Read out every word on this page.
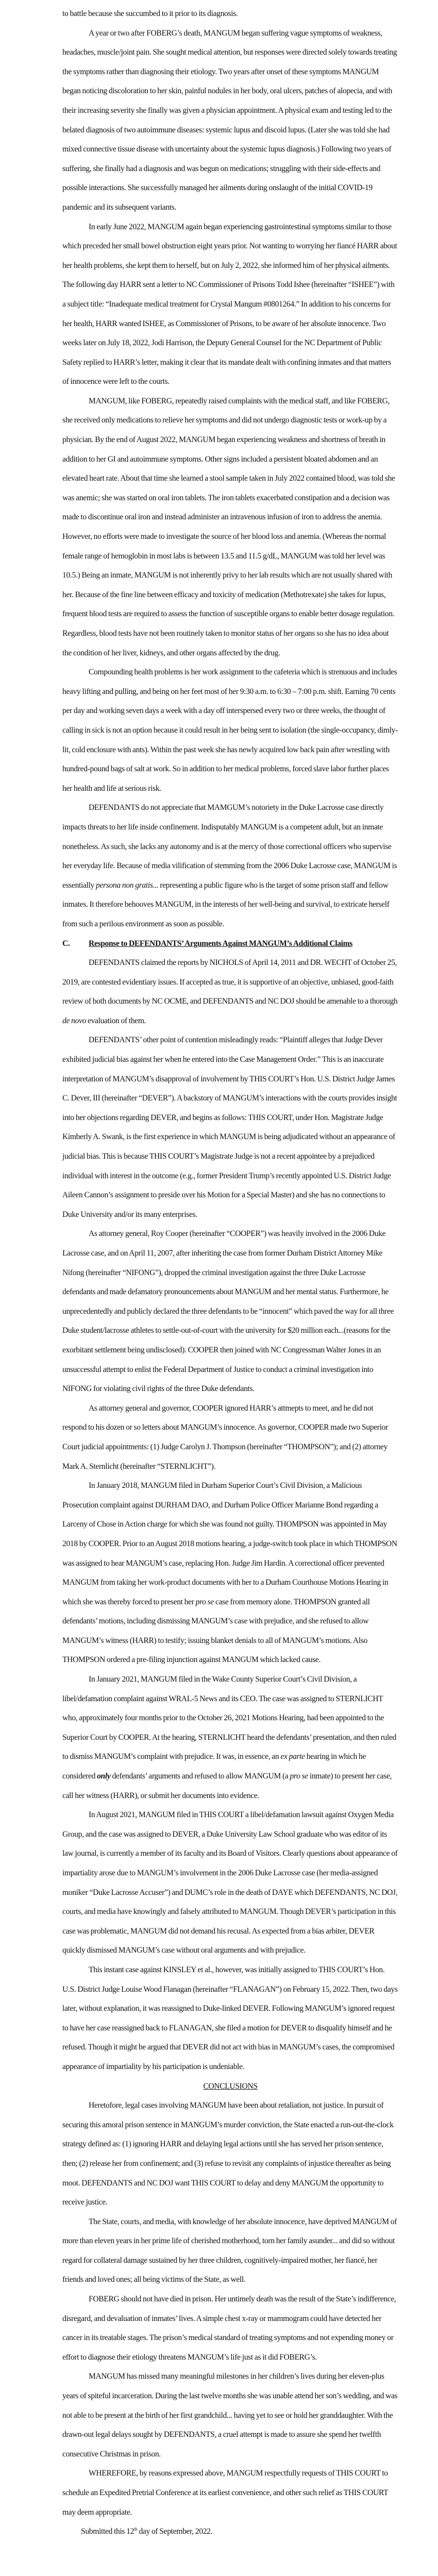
to battle because she succumbed to it prior to its diagnosis.

A year or two after FOBERG’s death, MANGUM began suffering vague symptoms of weakness, headaches, muscle/joint pain. She sought medical attention, but responses were directed solely towards treating the symptoms rather than diagnosing their etiology. Two years after onset of these symptoms MANGUM began noticing discoloration to her skin, painful nodules in her body, oral ulcers, patches of alopecia, and with their increasing severity she finally was given a physician appointment. A physical exam and testing led to the belated diagnosis of two autoimmune diseases: systemic lupus and discoid lupus. (Later she was told she had mixed connective tissue disease with uncertainty about the systemic lupus diagnosis.) Following two years of suffering, she finally had a diagnosis and was begun on medications; struggling with their side-effects and possible interactions. She successfully managed her ailments during onslaught of the initial COVID-19 pandemic and its subsequent variants.

In early June 2022, MANGUM again began experiencing gastrointestinal symptoms similar to those which preceded her small bowel obstruction eight years prior. Not wanting to worrying her fiancé HARR about her health problems, she kept them to herself, but on July 2, 2022, she informed him of her physical ailments. The following day HARR sent a letter to NC Commissioner of Prisons Todd Ishee (hereinafter “ISHEE”) with a subject title: “Inadequate medical treatment for Crystal Mangum #0801264.” In addition to his concerns for her health, HARR wanted ISHEE, as Commissioner of Prisons, to be aware of her absolute innocence. Two weeks later on July 18, 2022, Jodi Harrison, the Deputy General Counsel for the NC Department of Public Safety replied to HARR’s letter, making it clear that its mandate dealt with confining inmates and that matters of innocence were left to the courts.

MANGUM, like FOBERG, repeatedly raised complaints with the medical staff, and like FOBERG, she received only medications to relieve her symptoms and did not undergo diagnostic tests or work-up by a physician. By the end of August 2022, MANGUM began experiencing weakness and shortness of breath in addition to her GI and autoimmune symptoms. Other signs included a persistent bloated abdomen and an elevated heart rate. About that time she learned a stool sample taken in July 2022 contained blood, was told she was anemic; she was started on oral iron tablets. The iron tablets exacerbated constipation and a decision was made to discontinue oral iron and instead administer an intravenous infusion of iron to address the anemia. However, no efforts were made to investigate the source of her blood loss and anemia. (Whereas the normal female range of hemoglobin in most labs is between 13.5 and 11.5 g/dL, MANGUM was told her level was 10.5.) Being an inmate, MANGUM is not inherently privy to her lab results which are not usually shared with her. Because of the fine line between efficacy and toxicity of medication (Methotrexate) she takes for lupus, frequent blood tests are required to assess the function of susceptible organs to enable better dosage regulation. Regardless, blood tests have not been routinely taken to monitor status of her organs so she has no idea about the condition of her liver, kidneys, and other organs affected by the drug.

Compounding health problems is her work assignment to the cafeteria which is strenuous and includes heavy lifting and pulling, and being on her feet most of her 9:30 a.m. to 6:30 – 7:00 p.m. shift. Earning 70 cents per day and working seven days a week with a day off interspersed every two or three weeks, the thought of calling in sick is not an option because it could result in her being sent to isolation (the single-occupancy, dimly-lit, cold enclosure with ants). Within the past week she has newly acquired low back pain after wrestling with hundred-pound bags of salt at work. So in addition to her medical problems, forced slave labor further places her health and life at serious risk.

DEFENDANTS do not appreciate that MAMGUM’s notoriety in the Duke Lacrosse case directly impacts threats to her life inside confinement. Indisputably MANGUM is a competent adult, but an inmate nonetheless. As such, she lacks any autonomy and is at the mercy of those correctional officers who supervise her everyday life. Because of media vilification of stemming from the 2006 Duke Lacrosse case, MANGUM is essentially persona non gratis... representing a public figure who is the target of some prison staff and fellow inmates. It therefore behooves MANGUM, in the interests of her well-being and survival, to extricate herself from such a perilous environment as soon as possible.

C.	Response to DEFENDANTS’ Arguments Against MANGUM’s Additional Claims

DEFENDANTS claimed the reports by NICHOLS of April 14, 2011 and DR. WECHT of October 25, 2019, are contested evidentiary issues. If accepted as true, it is supportive of an objective, unbiased, good-faith review of both documents by NC OCME, and DEFENDANTS and NC DOJ should be amenable to a thorough de novo evaluation of them.

DEFENDANTS’ other point of contention misleadingly reads: “Plaintiff alleges that Judge Dever exhibited judicial bias against her when he entered into the Case Management Order.” This is an inaccurate interpretation of MANGUM’s disapproval of involvement by THIS COURT’s Hon. U.S. District Judge James C. Dever, III (hereinafter “DEVER”). A backstory of MANGUM’s interactions with the courts provides insight into her objections regarding DEVER, and begins as follows: THIS COURT, under Hon. Magistrate Judge Kimberly A. Swank, is the first experience in which MANGUM is being adjudicated without an appearance of judicial bias. This is because THIS COURT’s Magistrate Judge is not a recent appointee by a prejudiced individual with interest in the outcome (e.g., former President Trump’s recently appointed U.S. District Judge Aileen Cannon’s assignment to preside over his Motion for a Special Master) and she has no connections to Duke University and/or its many enterprises.

As attorney general, Roy Cooper (hereinafter “COOPER”) was heavily involved in the 2006 Duke Lacrosse case, and on April 11, 2007, after inheriting the case from former Durham District Attorney Mike Nifong (hereinafter “NIFONG”), dropped the criminal investigation against the three Duke Lacrosse defendants and made defamatory pronouncements about MANGUM and her mental status. Furthermore, he unprecedentedly and publicly declared the three defendants to be “innocent” which paved the way for all three Duke student/lacrosse athletes to settle-out-of-court with the university for $20 million each...(reasons for the exorbitant settlement being undisclosed). COOPER then joined with NC Congressman Walter Jones in an unsuccessful attempt to enlist the Federal Department of Justice to conduct a criminal investigation into NIFONG for violating civil rights of the three Duke defendants.

As attorney general and governor, COOPER ignored HARR’s attmepts to meet, and he did not respond to his dozen or so letters about MANGUM’s innocence. As governor, COOPER made two Superior Court judicial appointments: (1) Judge Carolyn J. Thompson (hereinafter “THOMPSON”); and (2) attorney Mark A. Sternlicht (hereinafter “STERNLICHT”).

In January 2018, MANGUM filed in Durham Superior Court’s Civil Division, a Malicious Prosecution complaint against DURHAM DAO, and Durham Police Officer Marianne Bond regarding a Larceny of Chose in Action charge for which she was found not guilty. THOMPSON was appointed in May 2018 by COOPER. Prior to an August 2018 motions hearing, a judge-switch took place in which THOMPSON was assigned to hear MANGUM’s case, replacing Hon. Judge Jim Hardin. A correctional officer prevented MANGUM from taking her work-product documents with her to a Durham Courthouse Motions Hearing in which she was thereby forced to present her pro se case from memory alone. THOMPSON granted all defendants’ motions, including dismissing MANGUM’s case with prejudice, and she refused to allow MANGUM’s witness (HARR) to testify; issuing blanket denials to all of MANGUM’s motions. Also THOMPSON ordered a pre-filing injunction against MANGUM which lacked cause.

In January 2021, MANGUM filed in the Wake County Superior Court’s Civil Division, a libel/defamation complaint against WRAL-5 News and its CEO. The case was assigned to STERNLICHT who, approximately four months prior to the October 26, 2021 Motions Hearing, had been appointed to the Superior Court by COOPER. At the hearing, STERNLICHT heard the defendants’ presentation, and then ruled to dismiss MANGUM’s complaint with prejudice. It was, in essence, an ex parte hearing in which he considered only defendants’ arguments and refused to allow MANGUM (a pro se inmate) to present her case, call her witness (HARR), or submit her documents into evidence.

In August 2021, MANGUM filed in THIS COURT a libel/defamation lawsuit against Oxygen Media Group, and the case was assigned to DEVER, a Duke University Law School graduate who was editor of its law journal, is currently a member of its faculty and its Board of Visitors. Clearly questions about appearance of impartiality arose due to MANGUM’s involvement in the 2006 Duke Lacrosse case (her media-assigned moniker “Duke Lacrosse Accuser”) and DUMC’s role in the death of DAYE which DEFENDANTS, NC DOJ, courts, and media have knowingly and falsely attributed to MANGUM. Though DEVER’s participation in this case was problematic, MANGUM did not demand his recusal. As expected from a bias arbiter, DEVER quickly dismissed MANGUM’s case without oral arguments and with prejudice.

This instant case against KINSLEY et al., however, was initially assigned to THIS COURT’s Hon. U.S. District Judge Louise Wood Flanagan (hereinafter “FLANAGAN”) on February 15, 2022. Then, two days later, without explanation, it was reassigned to Duke-linked DEVER. Following MANGUM’s ignored request to have her case reassigned back to FLANAGAN, she filed a motion for DEVER to disqualify himself and he refused. Though it might be argued that DEVER did not act with bias in MANGUM’s cases, the compromised appearance of impartiality by his participation is undeniable.

CONCLUSIONS

Heretofore, legal cases involving MANGUM have been about retaliation, not justice. In pursuit of securing this amoral prison sentence in MANGUM’s murder conviction, the State enacted a run-out-the-clock strategy defined as: (1) ignoring HARR and delaying legal actions until she has served her prison sentence, then; (2) release her from confinement; and (3) refuse to revisit any complaints of injustice thereafter as being moot. DEFENDANTS and NC DOJ want THIS COURT to delay and deny MANGUM the opportunity to receive justice.

The State, courts, and media, with knowledge of her absolute innocence, have deprived MANGUM of more than eleven years in her prime life of cherished motherhood, torn her family asunder... and did so without regard for collateral damage sustained by her three children, cognitively-impaired mother, her fiancé, her friends and loved ones; all being victims of the State, as well.

FOBERG should not have died in prison. Her untimely death was the result of the State’s indifference, disregard, and devaluation of inmates’ lives. A simple chest x-ray or mammogram could have detected her cancer in its treatable stages. The prison’s medical standard of treating symptoms and not expending money or effort to diagnose their etiology threatens MANGUM’s life just as it did FOBERG’s.

MANGUM has missed many meaningful milestones in her children’s lives during her eleven-plus years of spiteful incarceration. During the last twelve months she was unable attend her son’s wedding, and was not able to be present at the birth of her first grandchild... having yet to see or hold her granddaughter. With the drawn-out legal delays sought by DEFENDANTS, a cruel attempt is made to assure she spend her twelfth consecutive Christmas in prison.

WHEREFORE, by reasons expressed above, MANGUM respectfully requests of THIS COURT to schedule an Expedited Pretrial Conference at its earliest convenience, and other such relief as THIS COURT may deem appropriate.

Submitted this 12th day of September, 2022.
